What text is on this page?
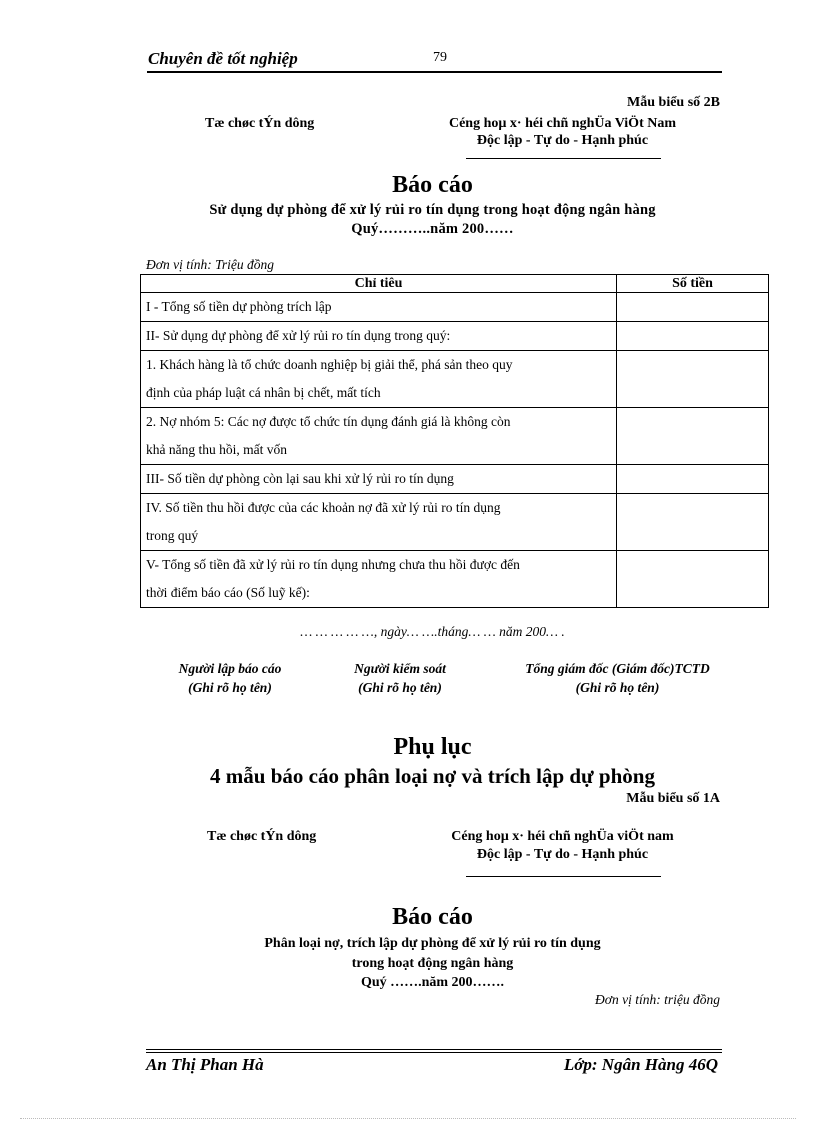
Chuyên đề tốt nghiệp	79
Mẫu biểu số 2B
Tæ chøc tÝn dông	Céng hoµ x· héi chñ nghÜa ViÖt Nam
Độc lập - Tự do - Hạnh phúc
Báo cáo
Sử dụng dự phòng để xử lý rủi ro tín dụng trong hoạt động ngân hàng
Quý………..năm 200……
Đơn vị tính: Triệu đồng
Chỉ tiêu	Số tiền
I - Tổng số tiền dự phòng trích lập	
II- Sử dụng dự phòng để xử lý rủi ro tín dụng trong quý:	

1. Khách hàng là tổ chức doanh nghiệp bị giải thể, phá sản theo quy
định của pháp luật cá nhân bị chết, mất tích	

2. Nợ nhóm 5: Các nợ được tổ chức tín dụng đánh giá là không còn
khả năng thu hồi, mất vốn	

III- Số tiền dự phòng còn lại sau khi xử lý rủi ro tín dụng	

IV. Số tiền thu hồi được của các khoản nợ đã xử lý rủi ro tín dụng
trong quý	

V- Tổng số tiền đã xử lý rủi ro tín dụng nhưng chưa thu hồi được đến
thời điểm báo cáo (Số luỹ kế):	

… … … … …, ngày… ….tháng… … năm 200… .
Người lập báo cáo
(Ghi rõ họ tên)
Người kiểm soát
(Ghi rõ họ tên)
Tổng giám đốc (Giám đốc)TCTD
(Ghi rõ họ tên)
Phụ lục
4 mẫu báo cáo phân loại nợ và trích lập dự phòng
Mẫu biểu số 1A
Tæ chøc tÝn dông	Céng hoµ x· héi chñ nghÜa viÖt nam
Độc lập - Tự do - Hạnh phúc
Báo cáo
Phân loại nợ, trích lập dự phòng để xử lý rủi ro tín dụng
trong hoạt động ngân hàng
Quý …….năm 200…….
Đơn vị tính: triệu đồng
An Thị Phan Hà	Lớp: Ngân Hàng 46Q
